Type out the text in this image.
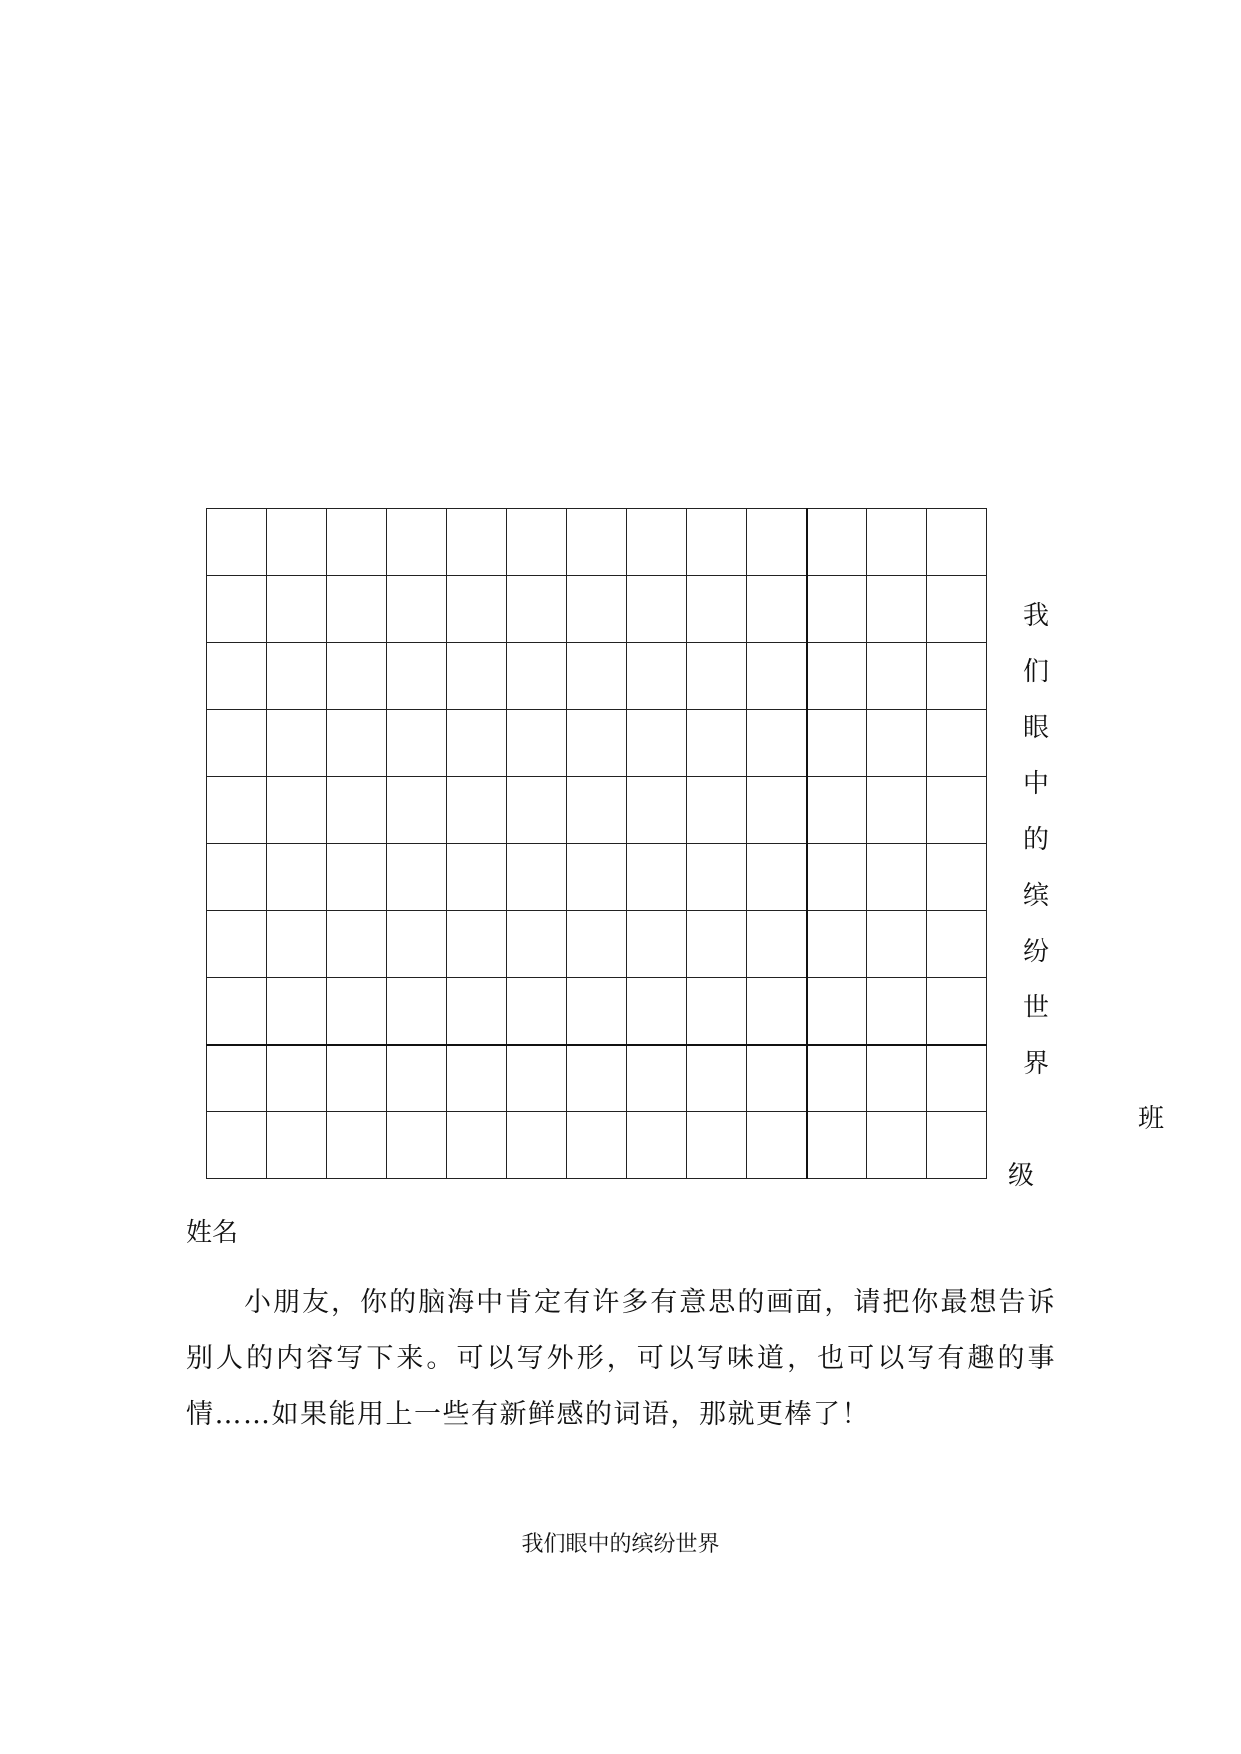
我
们
眼
中
的
缤
纷
世
界
班
级
姓名

小朋友，你的脑海中肯定有许多有意思的画面，请把你最想告诉别人的内容写下来。可以写外形，可以写味道，也可以写有趣的事情……如果能用上一些有新鲜感的词语，那就更棒了！

我们眼中的缤纷世界
